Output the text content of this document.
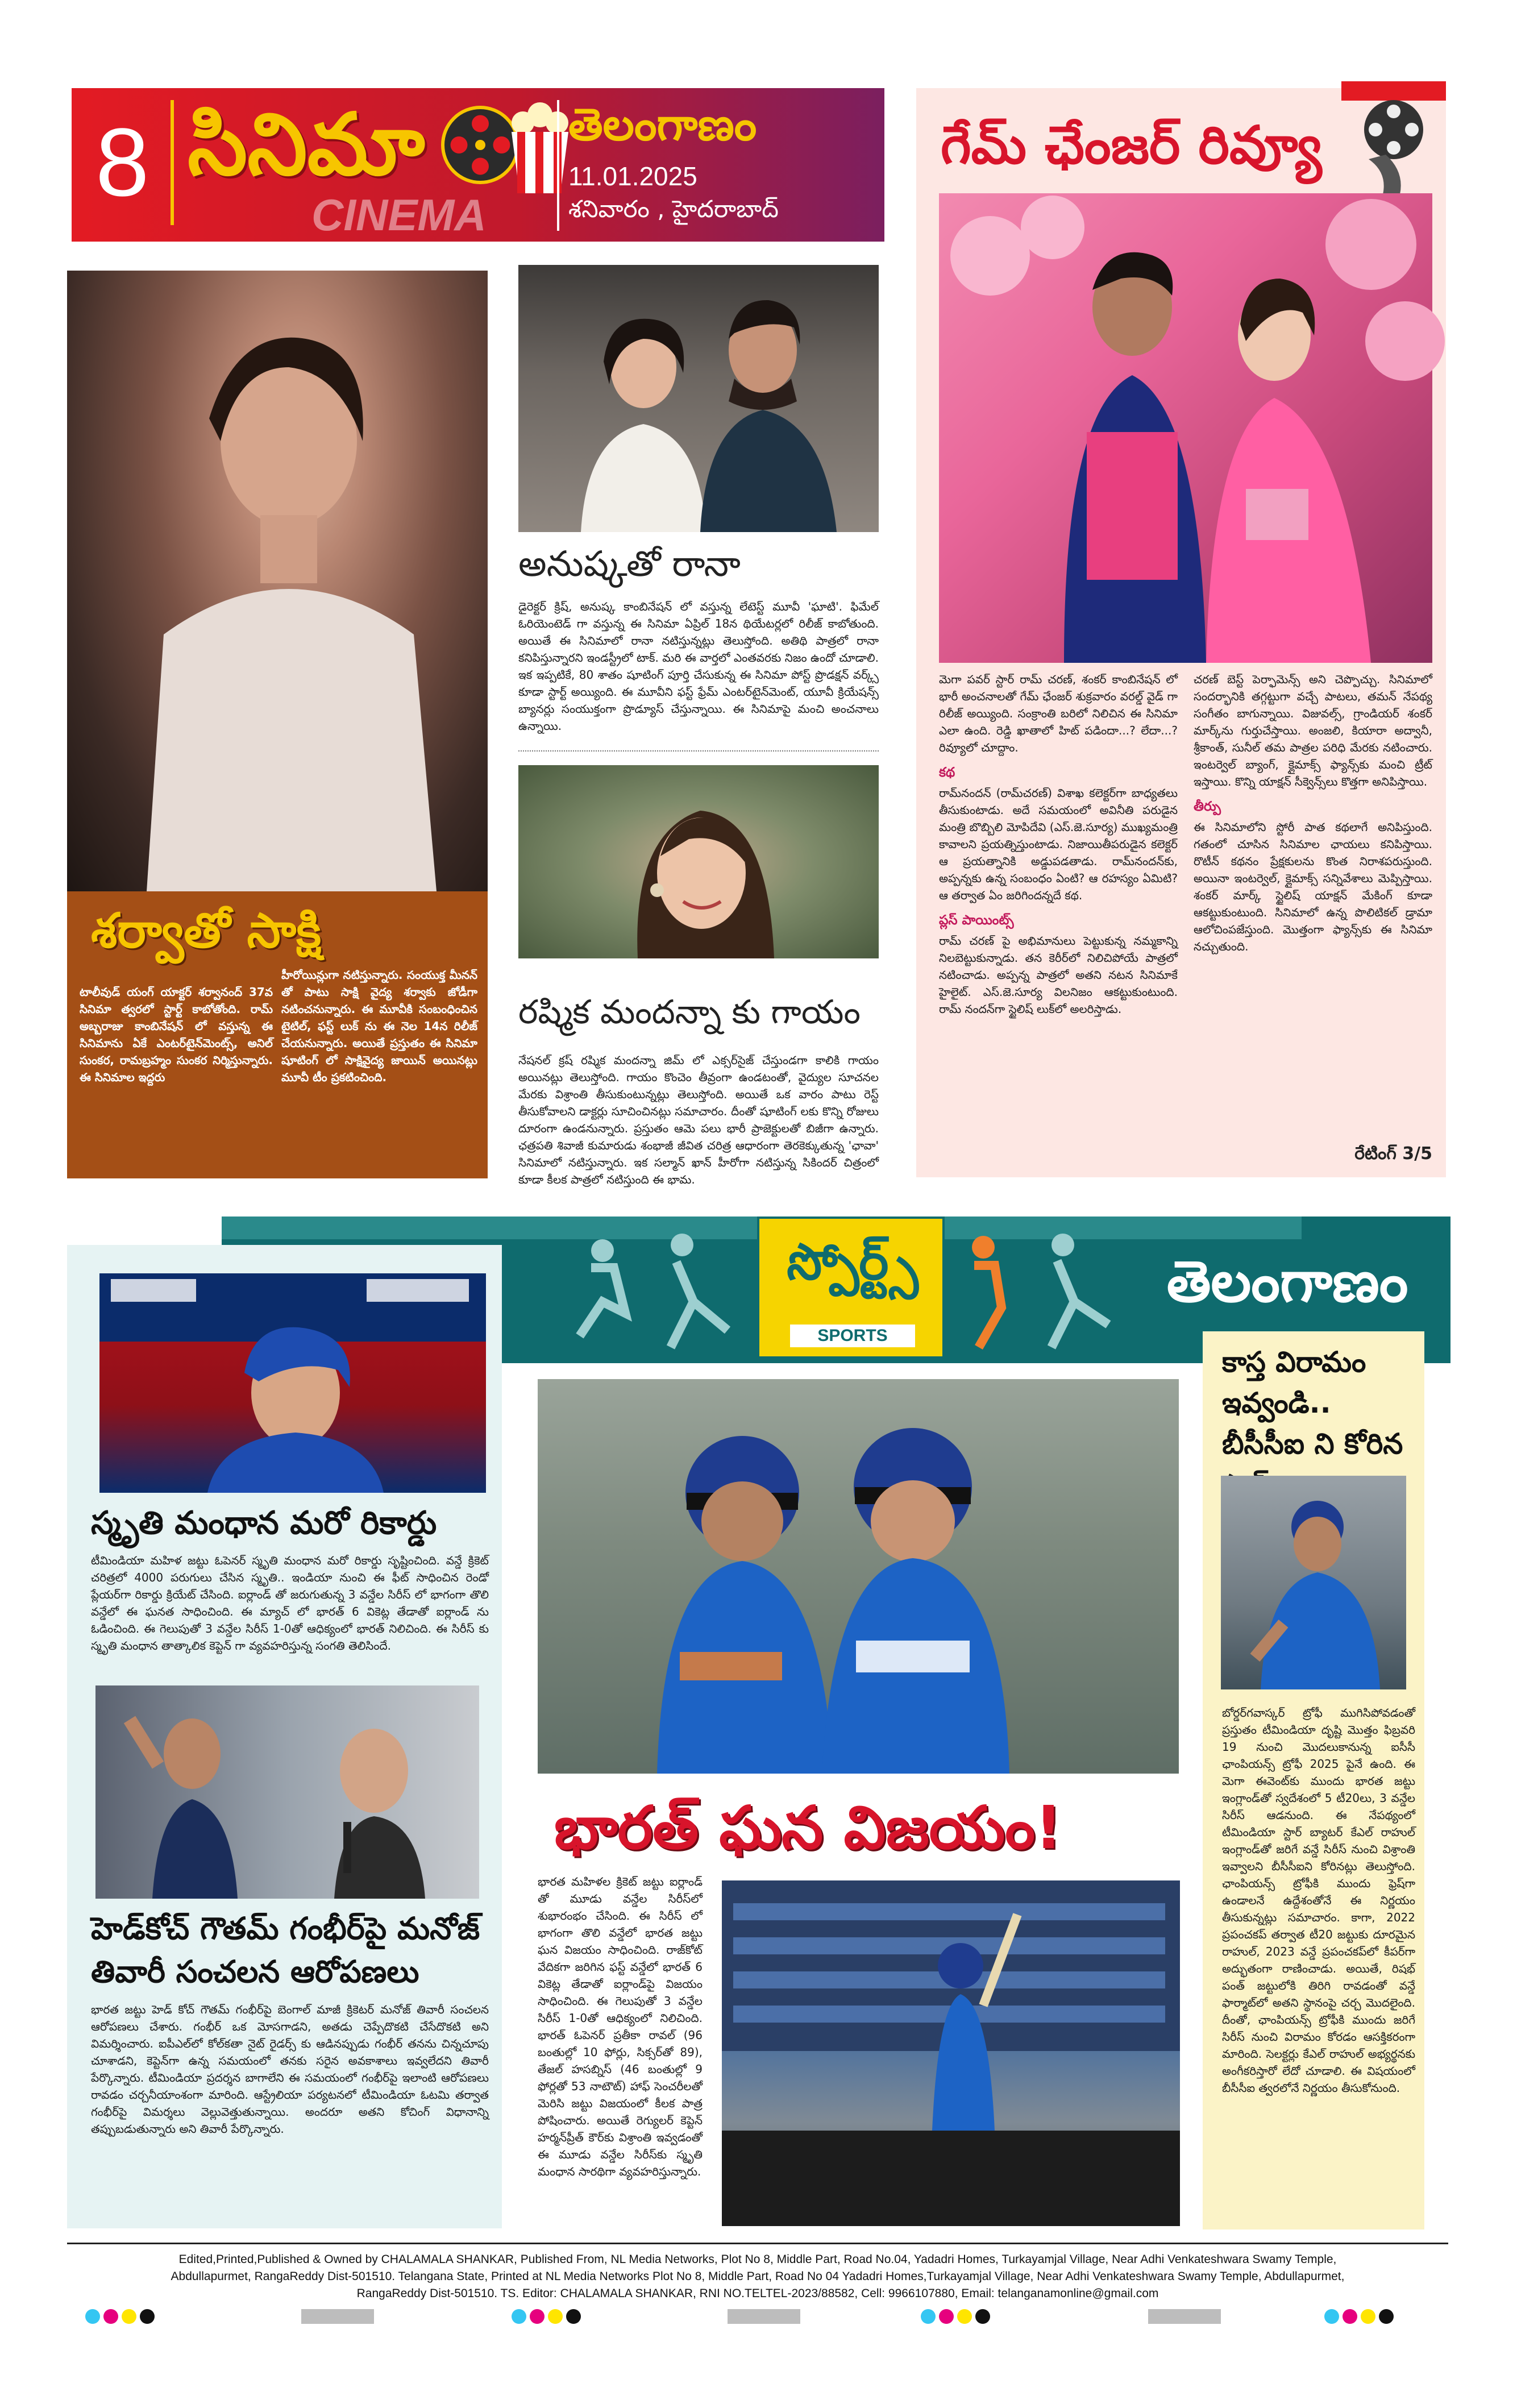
8 సినిమా
CINEMA
తెలంగాణం
11.01.2025
శనివారం , హైదరాబాద్
శర్వాతో సాక్షి
టాలీవుడ్ యంగ్ యాక్టర్ శర్వానంద్ 37వ సినిమా త్వరలో స్టార్ట్ కాబోతోంది. రామ్ అబ్బరాజు కాంబినేషన్ లో వస్తున్న ఈ సినిమాను ఏకే ఎంటర్‌టైన్‌మెంట్స్, అనిల్ సుంకర, రామబ్రహ్మం సుంకర నిర్మిస్తున్నారు. ఈ సినిమాల ఇద్దరు
హీరోయిన్లుగా నటిస్తున్నారు. సంయుక్త మీనన్ తో పాటు సాక్షి వైద్య శర్వాకు జోడీగా నటించనున్నారు. ఈ మూవీకి సంబంధించిన టైటిల్, ఫస్ట్ లుక్ ను ఈ నెల 14న రిలీజ్ చేయనున్నారు. అయితే ప్రస్తుతం ఈ సినిమా షూటింగ్ లో సాక్షివైద్య జాయిన్ అయినట్లు మూవీ టీం ప్రకటించింది.
అనుష్కతో రానా
డైరెక్టర్ క్రిష్, అనుష్క కాంబినేషన్ లో వస్తున్న లేటెస్ట్ మూవీ 'ఘాటి'. ఫిమేల్ ఓరియెంటెడ్ గా వస్తున్న ఈ సినిమా ఏప్రిల్ 18న థియేటర్లలో రిలీజ్ కాబోతుంది. అయితే ఈ సినిమాలో రానా నటిస్తున్నట్లు తెలుస్తోంది. అతిథి పాత్రలో రానా కనిపిస్తున్నారని ఇండస్ట్రీలో టాక్. మరి ఈ వార్తలో ఎంతవరకు నిజం ఉందో చూడాలి. ఇక ఇప్పటికే, 80 శాతం షూటింగ్ పూర్తి చేసుకున్న ఈ సినిమా పోస్ట్ ప్రొడక్షన్ వర్క్స్ కూడా స్టార్ట్ అయ్యింది. ఈ మూవీని ఫస్ట్ ఫ్రేమ్ ఎంటర్‌టైన్‌మెంట్, యూవీ క్రియేషన్స్ బ్యానర్లు సంయుక్తంగా ప్రొడ్యూస్ చేస్తున్నాయి. ఈ సినిమాపై మంచి అంచనాలు ఉన్నాయి.
రష్మిక మందన్నా కు గాయం
నేషనల్ క్రష్ రష్మిక మందన్నా జిమ్ లో ఎక్సర్‌సైజ్ చేస్తుండగా కాలికి గాయం అయినట్లు తెలుస్తోంది. గాయం కొంచెం తీవ్రంగా ఉండటంతో, వైద్యుల సూచనల మేరకు విశ్రాంతి తీసుకుంటున్నట్లు తెలుస్తోంది. అయితే ఒక వారం పాటు రెస్ట్ తీసుకోవాలని డాక్టర్లు సూచించినట్లు సమాచారం. దీంతో షూటింగ్ లకు కొన్ని రోజులు దూరంగా ఉండనున్నారు. ప్రస్తుతం ఆమె పలు భారీ ప్రాజెక్టులతో బిజీగా ఉన్నారు. ఛత్రపతి శివాజీ కుమారుడు శంభాజీ జీవిత చరిత్ర ఆధారంగా తెరకెక్కుతున్న 'ఛావా' సినిమాలో నటిస్తున్నారు. ఇక సల్మాన్ ఖాన్ హీరోగా నటిస్తున్న సికిందర్ చిత్రంలో కూడా కీలక పాత్రలో నటిస్తుంది ఈ భామ.
గేమ్ ఛేంజర్ రివ్యూ

మెగా పవర్ స్టార్ రామ్ చరణ్, శంకర్ కాంబినేషన్ లో భారీ అంచనాలతో గేమ్ ఛేంజర్ శుక్రవారం వరల్డ్ వైడ్ గా రిలీజ్ అయ్యింది. సంక్రాంతి బరిలో నిలిచిన ఈ సినిమా ఎలా ఉంది. రెడ్డి ఖాతాలో హిట్ పడిందా...? లేదా...? రివ్యూలో చూద్దాం.

కథ

రామ్‌నందన్ (రామ్‌చరణ్) విశాఖ కలెక్టర్‌గా బాధ్యతలు తీసుకుంటాడు. అదే సమయంలో అవినీతి పరుడైన మంత్రి బొబ్బిలి మోపిదేవి (ఎస్.జె.సూర్య) ముఖ్యమంత్రి కావాలని ప్రయత్నిస్తుంటాడు. నిజాయితీపరుడైన కలెక్టర్ ఆ ప్రయత్నానికి అడ్డుపడతాడు. రామ్‌నందన్‌కు, అప్పన్నకు ఉన్న సంబంధం ఏంటి? ఆ రహస్యం ఏమిటి? ఆ తర్వాత ఏం జరిగిందన్నదే కథ.

ప్లస్ పాయింట్స్

రామ్ చరణ్ పై అభిమానులు పెట్టుకున్న నమ్మకాన్ని నిలబెట్టుకున్నాడు. తన కెరీర్‌లో నిలిచిపోయే పాత్రలో నటించాడు. అప్పన్న పాత్రలో అతని నటన సినిమాకే హైలైట్. ఎస్.జె.సూర్య విలనిజం ఆకట్టుకుంటుంది. రామ్ నందన్‌గా స్టైలిష్ లుక్‌లో అలరిస్తాడు.

చరణ్ బెస్ట్ పెర్ఫామెన్స్ అని చెప్పొచ్చు. సినిమాలో సందర్భానికి తగ్గట్టుగా వచ్చే పాటలు, తమన్ నేపథ్య సంగీతం బాగున్నాయి. విజువల్స్, గ్రాండియర్ శంకర్ మార్క్‌ను గుర్తుచేస్తాయి. అంజలి, కియారా అద్వానీ, శ్రీకాంత్, సునీల్ తమ పాత్రల పరిధి మేరకు నటించారు. ఇంటర్వెల్ బ్యాంగ్, క్లైమాక్స్ ఫ్యాన్స్‌కు మంచి ట్రీట్ ఇస్తాయి. కొన్ని యాక్షన్ సీక్వెన్స్‌లు కొత్తగా అనిపిస్తాయి.

తీర్పు

ఈ సినిమాలోని స్టోరీ పాత కథలాగే అనిపిస్తుంది. గతంలో చూసిన సినిమాల ఛాయలు కనిపిస్తాయి. రొటీన్ కథనం ప్రేక్షకులను కొంత నిరాశపరుస్తుంది. అయినా ఇంటర్వెల్, క్లైమాక్స్ సన్నివేశాలు మెప్పిస్తాయి. శంకర్ మార్క్ స్టైలిష్ యాక్షన్ మేకింగ్ కూడా ఆకట్టుకుంటుంది. సినిమాలో ఉన్న పొలిటికల్ డ్రామా ఆలోచింపజేస్తుంది. మొత్తంగా ఫ్యాన్స్‌కు ఈ సినిమా నచ్చుతుంది.

రేటింగ్ 3/5
స్పోర్ట్స్
SPORTS
తెలంగాణం
స్మృతి మంధాన మరో రికార్డు
టీమిండియా మహిళ జట్టు ఓపెనర్ స్మృతి మంధాన మరో రికార్డు సృష్టించింది. వన్డే క్రికెట్ చరిత్రలో 4000 పరుగులు చేసిన స్మృతి.. ఇండియా నుంచి ఈ ఫీట్ సాధించిన రెండో ప్లేయర్‌గా రికార్డు క్రియేట్ చేసింది. ఐర్లాండ్ తో జరుగుతున్న 3 వన్డేల సిరీస్ లో భాగంగా తొలి వన్డేలో ఈ ఘనత సాధించింది. ఈ మ్యాచ్ లో భారత్ 6 వికెట్ల తేడాతో ఐర్లాండ్ ను ఓడించింది. ఈ గెలుపుతో 3 వన్డేల సిరీస్ 1-0తో ఆధిక్యంలో భారత్ నిలిచింది. ఈ సిరీస్ కు స్మృతి మంధాన తాత్కాలిక కెప్టెన్ గా వ్యవహరిస్తున్న సంగతి తెలిసిందే.
హెడ్‌కోచ్ గౌతమ్ గంభీర్‌పై మనోజ్ తివారీ సంచలన ఆరోపణలు
భారత జట్టు హెడ్ కోచ్ గౌతమ్ గంభీర్‌పై బెంగాల్ మాజీ క్రికెటర్ మనోజ్ తివారీ సంచలన ఆరోపణలు చేశారు. గంభీర్ ఒక మోసగాడని, అతడు చెప్పేదొకటి చేసేదొకటి అని విమర్శించారు. ఐపీఎల్‌లో కోల్‌కతా నైట్ రైడర్స్ కు ఆడినప్పుడు గంభీర్ తనను చిన్నచూపు చూశాడని, కెప్టెన్‌గా ఉన్న సమయంలో తనకు సరైన అవకాశాలు ఇవ్వలేదని తివారీ పేర్కొన్నారు. టీమిండియా ప్రదర్శన బాగాలేని ఈ సమయంలో గంభీర్‌పై ఇలాంటి ఆరోపణలు రావడం చర్చనీయాంశంగా మారింది. ఆస్ట్రేలియా పర్యటనలో టీమిండియా ఓటమి తర్వాత గంభీర్‌పై విమర్శలు వెల్లువెత్తుతున్నాయి. అందరూ అతని కోచింగ్ విధానాన్ని తప్పుబడుతున్నారు అని తివారీ పేర్కొన్నారు.
భారత్ ఘన విజయం!
భారత మహిళల క్రికెట్ జట్టు ఐర్లాండ్ తో మూడు వన్డేల సిరీస్‌లో శుభారంభం చేసింది. ఈ సిరీస్ లో భాగంగా తొలి వన్డేలో భారత జట్టు ఘన విజయం సాధించింది. రాజ్‌కోట్ వేదికగా జరిగిన ఫస్ట్ వన్డేలో భారత్ 6 వికెట్ల తేడాతో ఐర్లాండ్‌పై విజయం సాధించింది. ఈ గెలుపుతో 3 వన్డేల సిరీస్ 1-0తో ఆధిక్యంలో నిలిచింది. భారత్ ఓపెనర్ ప్రతీకా రావల్ (96 బంతుల్లో 10 ఫోర్లు, సిక్సర్‌తో 89), తేజల్ హసబ్నిస్ (46 బంతుల్లో 9 ఫోర్లతో 53 నాటౌట్) హాఫ్ సెంచరీలతో మెరిసి జట్టు విజయంలో కీలక పాత్ర పోషించారు. అయితే రెగ్యులర్ కెప్టెన్ హర్మన్‌ప్రీత్ కౌర్‌కు విశ్రాంతి ఇవ్వడంతో ఈ మూడు వన్డేల సిరీస్‌కు స్మృతి మంధాన సారథిగా వ్యవహరిస్తున్నారు.
కాస్త విరామం ఇవ్వండి.. బీసీసీఐ ని కోరిన
బోర్డర్‌గవాస్కర్ ట్రోఫీ ముగిసిపోవడంతో ప్రస్తుతం టీమిండియా దృష్టి మొత్తం ఫిబ్రవరి 19 నుంచి మొదలుకానున్న ఐసీసీ ఛాంపియన్స్ ట్రోఫీ 2025 పైనే ఉంది. ఈ మెగా ఈవెంట్‌కు ముందు భారత జట్టు ఇంగ్లాండ్‌తో స్వదేశంలో 5 టీ20లు, 3 వన్డేల సిరీస్ ఆడనుంది. ఈ నేపథ్యంలో టీమిండియా స్టార్ బ్యాటర్ కేఎల్ రాహుల్ ఇంగ్లాండ్‌తో జరిగే వన్డే సిరీస్ నుంచి విశ్రాంతి ఇవ్వాలని బీసీసీఐని కోరినట్లు తెలుస్తోంది. ఛాంపియన్స్ ట్రోఫీకి ముందు ఫ్రెష్‌గా ఉండాలనే ఉద్దేశంతోనే ఈ నిర్ణయం తీసుకున్నట్లు సమాచారం. కాగా, 2022 ప్రపంచకప్ తర్వాత టీ20 జట్టుకు దూరమైన రాహుల్, 2023 వన్డే ప్రపంచకప్‌లో కీపర్‌గా అద్భుతంగా రాణించాడు. అయితే, రిషభ్ పంత్ జట్టులోకి తిరిగి రావడంతో వన్డే ఫార్మాట్‌లో అతని స్థానంపై చర్చ మొదలైంది. దీంతో, ఛాంపియన్స్ ట్రోఫీకి ముందు జరిగే సిరీస్ నుంచి విరామం కోరడం ఆసక్తికరంగా మారింది. సెలక్టర్లు కేఎల్ రాహుల్ అభ్యర్థనకు అంగీకరిస్తారో లేదో చూడాలి. ఈ విషయంలో బీసీసీఐ త్వరలోనే నిర్ణయం తీసుకోనుంది.
Edited,Printed,Published & Owned by CHALAMALA SHANKAR, Published From, NL Media Networks, Plot No 8, Middle Part, Road No.04, Yadadri Homes, Turkayamjal Village, Near Adhi Venkateshwara Swamy Temple,
Abdullapurmet, RangaReddy Dist-501510. Telangana State, Printed at NL Media Networks Plot No 8, Middle Part, Road No 04 Yadadri Homes,Turkayamjal Village, Near Adhi Venkateshwara Swamy Temple, Abdullapurmet,
RangaReddy Dist-501510. TS. Editor: CHALAMALA SHANKAR, RNI NO.TELTEL-2023/88582, Cell: 9966107880, Email: telanganamonline@gmail.com
